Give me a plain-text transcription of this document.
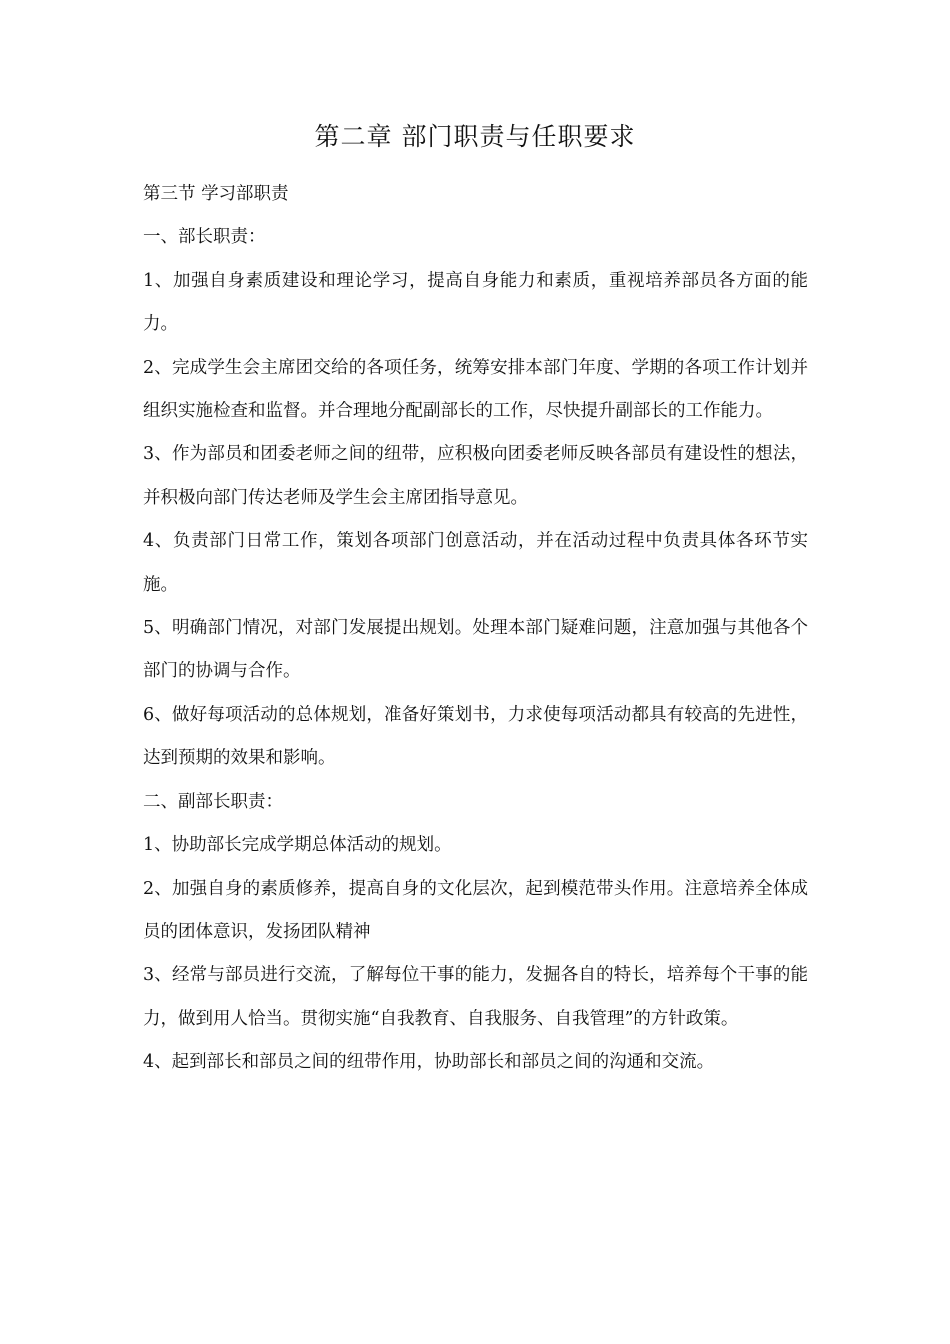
第二章 部门职责与任职要求

第三节 学习部职责

一、部长职责：

1、加强自身素质建设和理论学习，提高自身能力和素质，重视培养部员各方面的能力。

2、完成学生会主席团交给的各项任务，统筹安排本部门年度、学期的各项工作计划并组织实施检查和监督。并合理地分配副部长的工作，尽快提升副部长的工作能力。

3、作为部员和团委老师之间的纽带，应积极向团委老师反映各部员有建设性的想法，并积极向部门传达老师及学生会主席团指导意见。

4、负责部门日常工作，策划各项部门创意活动，并在活动过程中负责具体各环节实施。

5、明确部门情况，对部门发展提出规划。处理本部门疑难问题，注意加强与其他各个部门的协调与合作。

6、做好每项活动的总体规划，准备好策划书，力求使每项活动都具有较高的先进性，达到预期的效果和影响。

二、副部长职责：

1、协助部长完成学期总体活动的规划。

2、加强自身的素质修养，提高自身的文化层次，起到模范带头作用。注意培养全体成员的团体意识，发扬团队精神

3、经常与部员进行交流，了解每位干事的能力，发掘各自的特长，培养每个干事的能力，做到用人恰当。贯彻实施“自我教育、自我服务、自我管理”的方针政策。

4、起到部长和部员之间的纽带作用，协助部长和部员之间的沟通和交流。
